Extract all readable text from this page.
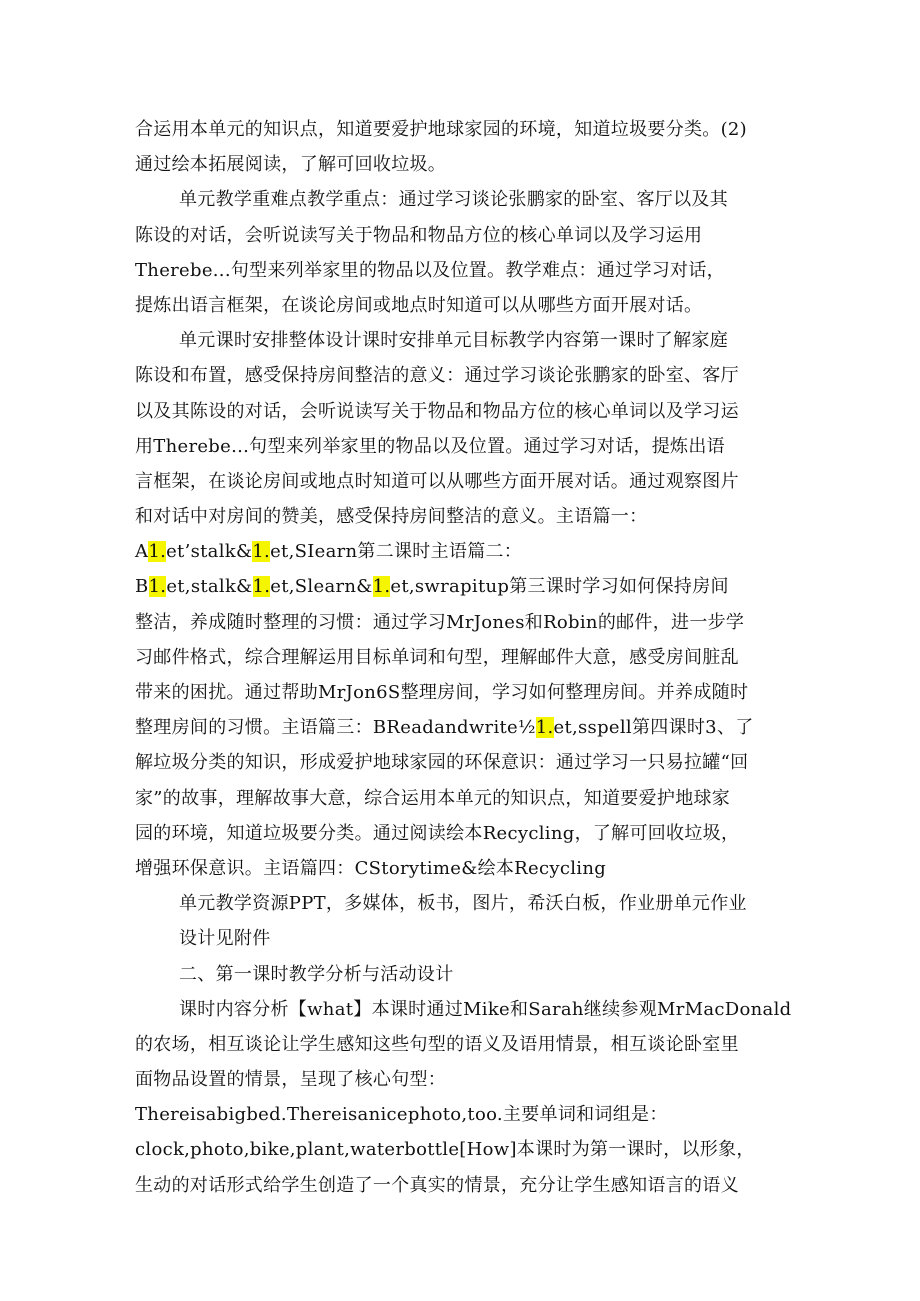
合运用本单元的知识点，知道要爱护地球家园的环境，知道垃圾要分类。(2)
通过绘本拓展阅读，了解可回收垃圾。
单元教学重难点教学重点：通过学习谈论张鹏家的卧室、客厅以及其
陈设的对话，会听说读写关于物品和物品方位的核心单词以及学习运用
Therebe...句型来列举家里的物品以及位置。教学难点：通过学习对话，
提炼出语言框架，在谈论房间或地点时知道可以从哪些方面开展对话。
单元课时安排整体设计课时安排单元目标教学内容第一课时了解家庭
陈设和布置，感受保持房间整洁的意义：通过学习谈论张鹏家的卧室、客厅
以及其陈设的对话，会听说读写关于物品和物品方位的核心单词以及学习运
用Therebe...句型来列举家里的物品以及位置。通过学习对话，提炼出语
言框架，在谈论房间或地点时知道可以从哪些方面开展对话。通过观察图片
和对话中对房间的赞美，感受保持房间整洁的意义。主语篇一：
A1.et’stalk&1.et,SIearn第二课时主语篇二：
B1.et,stalk&1.et,Slearn&1.et,swrapitup第三课时学习如何保持房间
整洁，养成随时整理的习惯：通过学习MrJones和Robin的邮件，进一步学
习邮件格式，综合理解运用目标单词和句型，理解邮件大意，感受房间脏乱
带来的困扰。通过帮助MrJon6S整理房间，学习如何整理房间。并养成随时
整理房间的习惯。主语篇三：BReadandwrite½1.et,sspell第四课时3、了
解垃圾分类的知识，形成爱护地球家园的环保意识：通过学习一只易拉罐“回
家”的故事，理解故事大意，综合运用本单元的知识点，知道要爱护地球家
园的环境，知道垃圾要分类。通过阅读绘本Recycling，了解可回收垃圾，
增强环保意识。主语篇四：CStorytime&绘本Recycling
单元教学资源PPT，多媒体，板书，图片，希沃白板，作业册单元作业
设计见附件
二、第一课时教学分析与活动设计
课时内容分析【what】本课时通过Mike和Sarah继续参观MrMacDonald
的农场，相互谈论让学生感知这些句型的语义及语用情景，相互谈论卧室里
面物品设置的情景，呈现了核心句型：
Thereisabigbed.Thereisanicephoto,too.主要单词和词组是：
clock,photo,bike,plant,waterbottle[How]本课时为第一课时，以形象，
生动的对话形式给学生创造了一个真实的情景，充分让学生感知语言的语义
